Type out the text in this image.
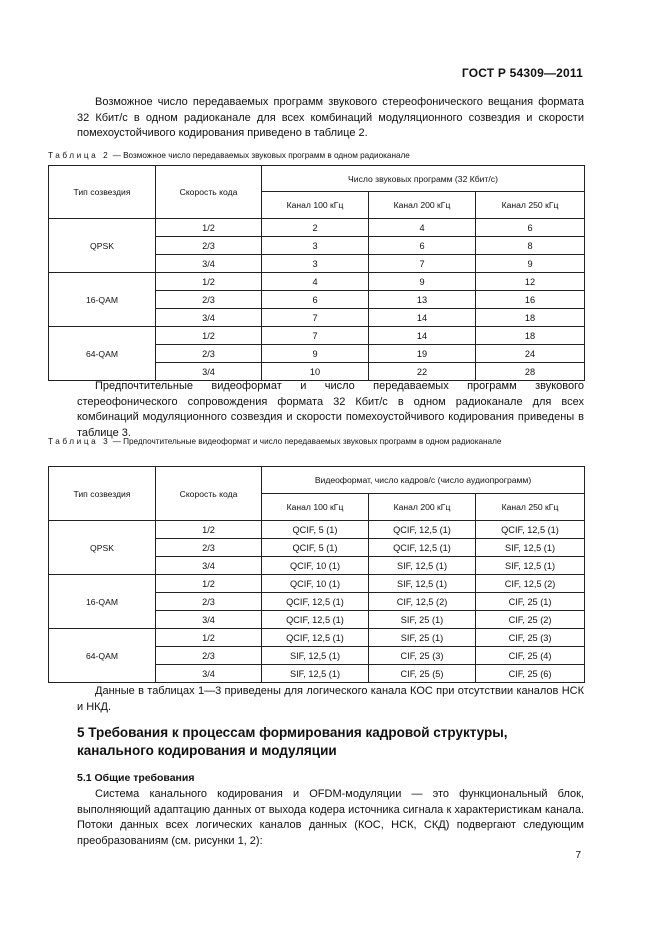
ГОСТ Р 54309—2011
Возможное число передаваемых программ звукового стереофонического вещания формата 32 Кбит/с в одном радиоканале для всех комбинаций модуляционного созвездия и скорости помехоустойчивого кодирования приведено в таблице 2.
Таблица 2 — Возможное число передаваемых звуковых программ в одном радиоканале
Тип созвездия	Скорость кода	Число звуковых программ (32 Кбит/с)		
		Канал 100 кГц	Канал 200 кГц	Канал 250 кГц
QPSK	1/2	2	4	6
	2/3	3	6	8
	3/4	3	7	9
16-QAM	1/2	4	9	12
	2/3	6	13	16
	3/4	7	14	18
64-QAM	1/2	7	14	18
	2/3	9	19	24
	3/4	10	22	28
Предпочтительные видеоформат и число передаваемых программ звукового стереофонического сопровождения формата 32 Кбит/с в одном радиоканале для всех комбинаций модуляционного созвездия и скорости помехоустойчивого кодирования приведены в таблице 3.
Таблица 3 — Предпочтительные видеоформат и число передаваемых звуковых программ в одном радиоканале
Тип созвездия	Скорость кода	Видеоформат, число кадров/с (число аудиопрограмм)		
		Канал 100 кГц	Канал 200 кГц	Канал 250 кГц
QPSK	1/2	QCIF, 5 (1)	QCIF, 12,5 (1)	QCIF, 12,5 (1)
	2/3	QCIF, 5 (1)	QCIF, 12,5 (1)	SIF, 12,5 (1)
	3/4	QCIF, 10 (1)	SIF, 12,5 (1)	SIF, 12,5 (1)
16-QAM	1/2	QCIF, 10 (1)	SIF, 12,5 (1)	CIF, 12,5 (2)
	2/3	QCIF, 12,5 (1)	CIF, 12,5 (2)	CIF, 25 (1)
	3/4	QCIF, 12,5 (1)	SIF, 25 (1)	CIF, 25 (2)
64-QAM	1/2	QCIF, 12,5 (1)	SIF, 25 (1)	CIF, 25 (3)
	2/3	SIF, 12,5 (1)	CIF, 25 (3)	CIF, 25 (4)
	3/4	SIF, 12,5 (1)	CIF, 25 (5)	CIF, 25 (6)
Данные в таблицах 1—3 приведены для логического канала КОС при отсутствии каналов НСК и НКД.
5 Требования к процессам формирования кадровой структуры, канального кодирования и модуляции
5.1 Общие требования
Система канального кодирования и OFDM-модуляции — это функциональный блок, выполняющий адаптацию данных от выхода кодера источника сигнала к характеристикам канала. Потоки данных всех логических каналов данных (КОС, НСК, СКД) подвергают следующим преобразованиям (см. рисунки 1, 2):
7
